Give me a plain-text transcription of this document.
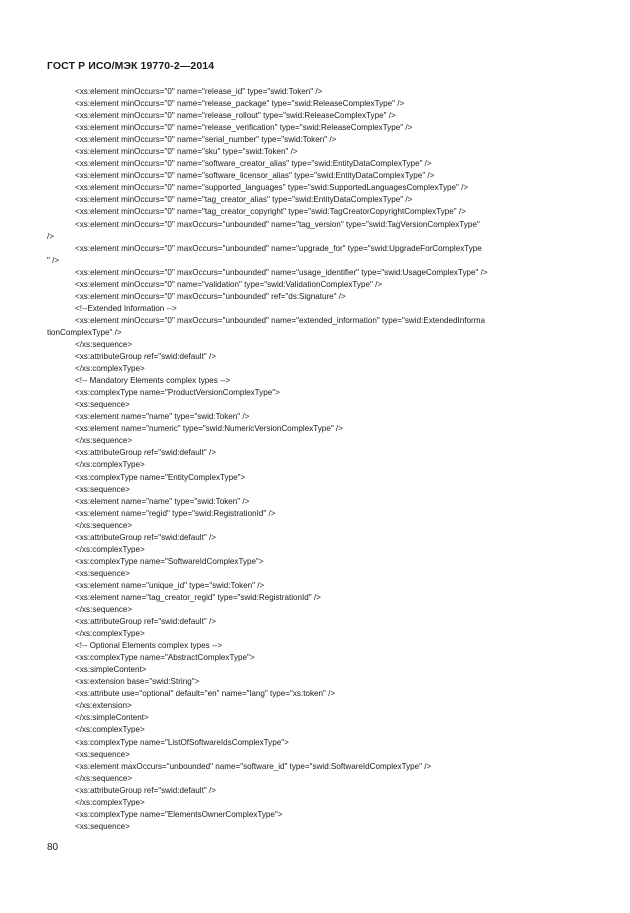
ГОСТ Р ИСО/МЭК 19770-2—2014
<xs:element minOccurs="0" name="release_id" type="swid:Token" />
<xs:element minOccurs="0" name="release_package" type="swid:ReleaseComplexType" />
<xs:element minOccurs="0" name="release_rollout" type="swid:ReleaseComplexType" />
<xs:element minOccurs="0" name="release_verification" type="swid:ReleaseComplexType" />
<xs:element minOccurs="0" name="serial_number" type="swid:Token" />
<xs:element minOccurs="0" name="sku" type="swid:Token" />
<xs:element minOccurs="0" name="software_creator_alias" type="swid:EntityDataComplexType" />
<xs:element minOccurs="0" name="software_licensor_alias" type="swid:EntityDataComplexType" />
<xs:element minOccurs="0" name="supported_languages" type="swid:SupportedLanguagesComplexType" />
<xs:element minOccurs="0" name="tag_creator_alias" type="swid:EntityDataComplexType" />
<xs:element minOccurs="0" name="tag_creator_copyright" type="swid:TagCreatorCopyrightComplexType" />
<xs:element minOccurs="0" maxOccurs="unbounded" name="tag_version" type="swid:TagVersionComplexType"
/>
<xs:element minOccurs="0" maxOccurs="unbounded" name="upgrade_for" type="swid:UpgradeForComplexType
" />
<xs:element minOccurs="0" maxOccurs="unbounded" name="usage_identifier" type="swid:UsageComplexType" />
<xs:element minOccurs="0" name="validation" type="swid:ValidationComplexType" />
<xs:element minOccurs="0" maxOccurs="unbounded" ref="ds:Signature" />
<!--Extended Information -->
<xs:element minOccurs="0" maxOccurs="unbounded" name="extended_information" type="swid:ExtendedInforma
tionComplexType" />
</xs:sequence>
<xs:attributeGroup ref="swid:default" />
</xs:complexType>
<!-- Mandatory Elements complex types -->
<xs:complexType name="ProductVersionComplexType">
<xs:sequence>
<xs:element name="name" type="swid:Token" />
<xs:element name="numeric" type="swid:NumericVersionComplexType" />
</xs:sequence>
<xs:attributeGroup ref="swid:default" />
</xs:complexType>
<xs:complexType name="EntityComplexType">
<xs:sequence>
<xs:element name="name" type="swid:Token" />
<xs:element name="regid" type="swid:RegistrationId" />
</xs:sequence>
<xs:attributeGroup ref="swid:default" />
</xs:complexType>
<xs:complexType name="SoftwareIdComplexType">
<xs:sequence>
<xs:element name="unique_id" type="swid:Token" />
<xs:element name="tag_creator_regid" type="swid:RegistrationId" />
</xs:sequence>
<xs:attributeGroup ref="swid:default" />
</xs:complexType>
<!-- Optional Elements complex types -->
<xs:complexType name="AbstractComplexType">
<xs:simpleContent>
<xs:extension base="swid:String">
<xs:attribute use="optional" default="en" name="lang" type="xs:token" />
</xs:extension>
</xs:simpleContent>
</xs:complexType>
<xs:complexType name="ListOfSoftwareIdsComplexType">
<xs:sequence>
<xs:element maxOccurs="unbounded" name="software_id" type="swid:SoftwareIdComplexType" />
</xs:sequence>
<xs:attributeGroup ref="swid:default" />
</xs:complexType>
<xs:complexType name="ElementsOwnerComplexType">
<xs:sequence>
80
